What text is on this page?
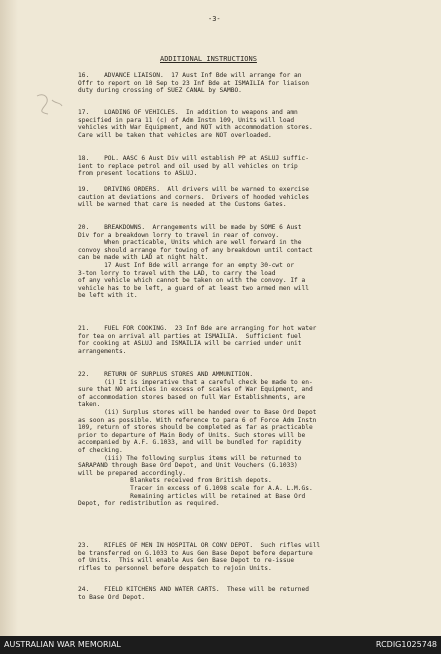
-3-
ADDITIONAL INSTRUCTIONS
16.    ADVANCE LIAISON.  17 Aust Inf Bde will arrange for an
Offr to report on 10 Sep to 23 Inf Bde at ISMAILIA for liaison
duty during crossing of SUEZ CANAL by SAMBO.
17.    LOADING OF VEHICLES.  In addition to weapons and amn
specified in para 11 (c) of Adm Instn 109, Units will load
vehicles with War Equipment, and NOT with accommodation stores.
Care will be taken that vehicles are NOT overloaded.
18.    POL. AASC 6 Aust Div will establish PP at ASLUJ suffic-
ient to replace petrol and oil used by all vehicles on trip
from present locations to ASLUJ.
19.    DRIVING ORDERS.  All drivers will be warned to exercise
caution at deviations and corners.  Drivers of hooded vehicles
will be warned that care is needed at the Customs Gates.
20.    BREAKDOWNS.  Arrangements will be made by SOME 6 Aust
Div for a breakdown lorry to travel in rear of convoy.
When practicable, Units which are well forward in the
convoy should arrange for towing of any breakdown until contact
can be made with LAD at night halt.
17 Aust Inf Bde will arrange for an empty 30-cwt or
3-ton lorry to travel with the LAD, to carry the load
of any vehicle which cannot be taken on with the convoy. If a
vehicle has to be left, a guard of at least two armed men will
be left with it.
21.    FUEL FOR COOKING.  23 Inf Bde are arranging for hot water
for tea on arrival all parties at ISMAILIA.  Sufficient fuel
for cooking at ASLUJ and ISMAILIA will be carried under unit
arrangements.
22.    RETURN OF SURPLUS STORES AND AMMUNITION.
(i) It is imperative that a careful check be made to en-
sure that NO articles in excess of scales of War Equipment, and
of accommodation stores based on full War Establishments, are
taken.
(ii) Surplus stores will be handed over to Base Ord Depot
as soon as possible. With reference to para 6 of Force Adm Instn
109, return of stores should be completed as far as practicable
prior to departure of Main Body of Units. Such stores will be
accompanied by A.F. G.1033, and will be bundled for rapidity
of checking.
(iii) The following surplus items will be returned to
SARAPAND through Base Ord Depot, and Unit Vouchers (G.1033)
will be prepared accordingly.
Blankets received from British depots.
Tracer in excess of G.1098 scale for A.A. L.M.Gs.
Remaining articles will be retained at Base Ord
Depot, for redistribution as required.
23.    RIFLES OF MEN IN HOSPITAL OR CONV DEPOT.  Such rifles will
be transferred on G.1033 to Aus Gen Base Depot before departure
of Units.  This will enable Aus Gen Base Depot to re-issue
rifles to personnel before despatch to rejoin Units.
24.    FIELD KITCHENS AND WATER CARTS.  These will be returned
to Base Ord Depot.
AUSTRALIAN WAR MEMORIAL	RCDIG1025748
